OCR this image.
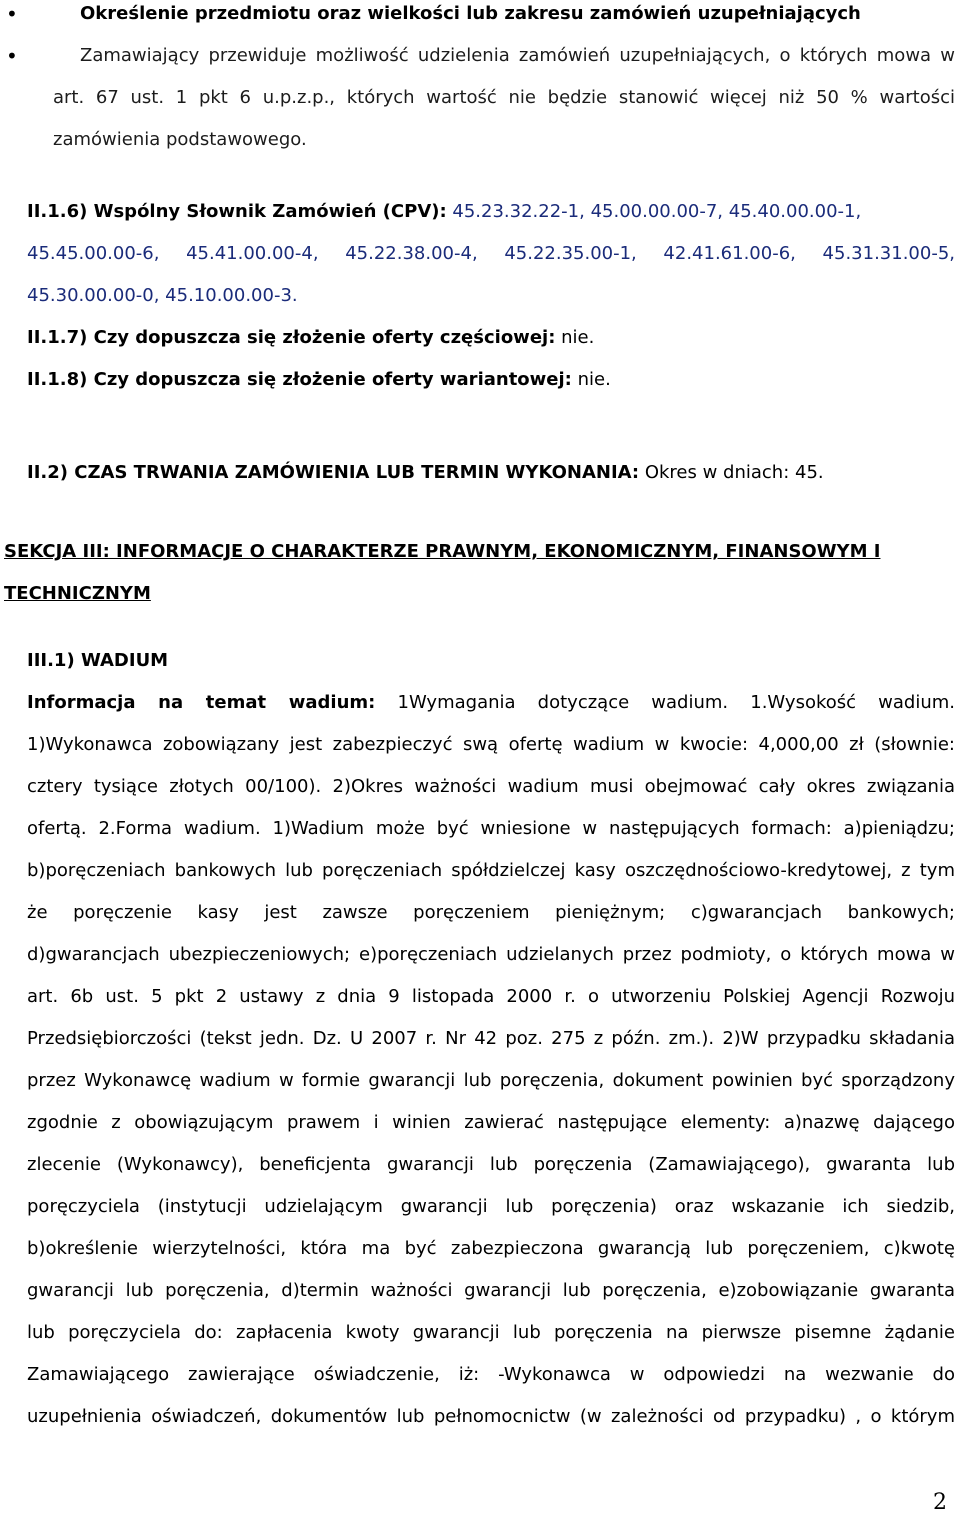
•	Określenie przedmiotu oraz wielkości lub zakresu zamówień uzupełniających
•	Zamawiający przewiduje możliwość udzielenia zamówień uzupełniających, o których mowa w
art. 67 ust. 1 pkt 6 u.p.z.p., których wartość nie będzie stanowić więcej niż 50 % wartości
zamówienia podstawowego.
II.1.6) Wspólny Słownik Zamówień (CPV): 45.23.32.22-1, 45.00.00.00-7, 45.40.00.00-1,
45.45.00.00-6, 45.41.00.00-4, 45.22.38.00-4, 45.22.35.00-1, 42.41.61.00-6, 45.31.31.00-5,
45.30.00.00-0, 45.10.00.00-3.
II.1.7) Czy dopuszcza się złożenie oferty częściowej: nie.
II.1.8) Czy dopuszcza się złożenie oferty wariantowej: nie.
II.2) CZAS TRWANIA ZAMÓWIENIA LUB TERMIN WYKONANIA: Okres w dniach: 45.
SEKCJA III: INFORMACJE O CHARAKTERZE PRAWNYM, EKONOMICZNYM, FINANSOWYM I
TECHNICZNYM
III.1) WADIUM
Informacja na temat wadium: 1Wymagania dotyczące wadium. 1.Wysokość wadium.
1)Wykonawca zobowiązany jest zabezpieczyć swą ofertę wadium w kwocie: 4,000,00 zł (słownie:
cztery tysiące złotych 00/100). 2)Okres ważności wadium musi obejmować cały okres związania
ofertą. 2.Forma wadium. 1)Wadium może być wniesione w następujących formach: a)pieniądzu;
b)poręczeniach bankowych lub poręczeniach spółdzielczej kasy oszczędnościowo-kredytowej, z tym
że poręczenie kasy jest zawsze poręczeniem pieniężnym; c)gwarancjach bankowych;
d)gwarancjach ubezpieczeniowych; e)poręczeniach udzielanych przez podmioty, o których mowa w
art. 6b ust. 5 pkt 2 ustawy z dnia 9 listopada 2000 r. o utworzeniu Polskiej Agencji Rozwoju
Przedsiębiorczości (tekst jedn. Dz. U 2007 r. Nr 42 poz. 275 z późn. zm.). 2)W przypadku składania
przez Wykonawcę wadium w formie gwarancji lub poręczenia, dokument powinien być sporządzony
zgodnie z obowiązującym prawem i winien zawierać następujące elementy: a)nazwę dającego
zlecenie (Wykonawcy), beneficjenta gwarancji lub poręczenia (Zamawiającego), gwaranta lub
poręczyciela (instytucji udzielającym gwarancji lub poręczenia) oraz wskazanie ich siedzib,
b)określenie wierzytelności, która ma być zabezpieczona gwarancją lub poręczeniem, c)kwotę
gwarancji lub poręczenia, d)termin ważności gwarancji lub poręczenia, e)zobowiązanie gwaranta
lub poręczyciela do: zapłacenia kwoty gwarancji lub poręczenia na pierwsze pisemne żądanie
Zamawiającego zawierające oświadczenie, iż: -Wykonawca w odpowiedzi na wezwanie do
uzupełnienia oświadczeń, dokumentów lub pełnomocnictw (w zależności od przypadku) , o którym
2
